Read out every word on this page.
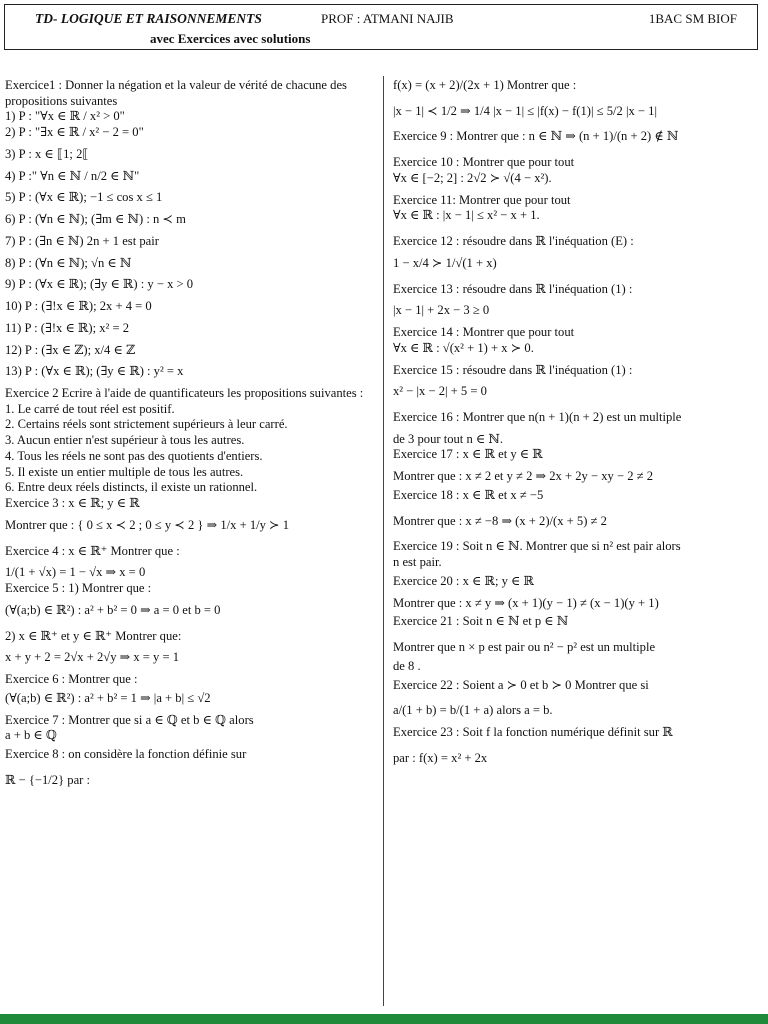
TD- LOGIQUE ET RAISONNEMENTS	PROF : ATMANI NAJIB	1BAC SM BIOF
avec Exercices avec solutions

Exercice1 : Donner la négation et la valeur de vérité de chacune des propositions suivantes

1) P : "∀x ∈ ℝ / x² > 0"

2) P : "∃x ∈ ℝ / x² − 2 = 0"

3) P : x ∈ ⟦1; 2⟦

4) P :" ∀n ∈ ℕ / n/2 ∈ ℕ"

5) P : (∀x ∈ ℝ); −1 ≤ cos x ≤ 1

6) P : (∀n ∈ ℕ); (∃m ∈ ℕ) : n ≺ m

7) P : (∃n ∈ ℕ) 2n + 1 est pair

8) P : (∀n ∈ ℕ); √n ∈ ℕ

9) P : (∀x ∈ ℝ); (∃y ∈ ℝ) : y − x > 0

10) P : (∃!x ∈ ℝ); 2x + 4 = 0

11) P : (∃!x ∈ ℝ); x² = 2

12) P : (∃x ∈ ℤ); x/4 ∈ ℤ

13) P : (∀x ∈ ℝ); (∃y ∈ ℝ) : y² = x

Exercice 2 Ecrire à l'aide de quantificateurs les propositions suivantes :

1. Le carré de tout réel est positif.

2. Certains réels sont strictement supérieurs à leur carré.

3. Aucun entier n'est supérieur à tous les autres.

4. Tous les réels ne sont pas des quotients d'entiers.

5. Il existe un entier multiple de tous les autres.

6. Entre deux réels distincts, il existe un rationnel.

Exercice 3 : x ∈ ℝ; y ∈ ℝ

Montrer que : { 0 ≤ x ≺ 2 ; 0 ≤ y ≺ 2 } ⇒ 1/x + 1/y ≻ 1

Exercice 4 : x ∈ ℝ⁺ Montrer que :

1/(1 + √x) = 1 − √x ⇒ x = 0

Exercice 5 : 1) Montrer que :

(∀(a;b) ∈ ℝ²) : a² + b² = 0 ⇒ a = 0 et b = 0

2) x ∈ ℝ⁺ et y ∈ ℝ⁺ Montrer que:

x + y + 2 = 2√x + 2√y ⇒ x = y = 1

Exercice 6 : Montrer que :

(∀(a;b) ∈ ℝ²) : a² + b² = 1 ⇒ |a + b| ≤ √2

Exercice 7 : Montrer que si a ∈ ℚ et b ∈ ℚ alors

a + b ∈ ℚ

Exercice 8 : on considère la fonction définie sur

ℝ − {−1/2} par :

f(x) = (x + 2)/(2x + 1) Montrer que :

|x − 1| ≺ 1/2 ⇒ 1/4 |x − 1| ≤ |f(x) − f(1)| ≤ 5/2 |x − 1|

Exercice 9 : Montrer que : n ∈ ℕ ⇒ (n + 1)/(n + 2) ∉ ℕ

Exercice 10 : Montrer que pour tout

∀x ∈ [−2; 2] : 2√2 ≻ √(4 − x²).

Exercice 11: Montrer que pour tout

∀x ∈ ℝ : |x − 1| ≤ x² − x + 1.

Exercice 12 : résoudre dans ℝ l'inéquation (E) :

1 − x/4 ≻ 1/√(1 + x)

Exercice 13 : résoudre dans ℝ l'inéquation (1) :

|x − 1| + 2x − 3 ≥ 0

Exercice 14 : Montrer que pour tout

∀x ∈ ℝ : √(x² + 1) + x ≻ 0.

Exercice 15 : résoudre dans ℝ l'inéquation (1) :

x² − |x − 2| + 5 = 0

Exercice 16 : Montrer que n(n + 1)(n + 2) est un multiple

de 3 pour tout n ∈ ℕ.

Exercice 17 : x ∈ ℝ et y ∈ ℝ

Montrer que : x ≠ 2 et y ≠ 2 ⇒ 2x + 2y − xy − 2 ≠ 2

Exercice 18 : x ∈ ℝ et x ≠ −5

Montrer que : x ≠ −8 ⇒ (x + 2)/(x + 5) ≠ 2

Exercice 19 : Soit n ∈ ℕ. Montrer que si n² est pair alors

n est pair.

Exercice 20 : x ∈ ℝ; y ∈ ℝ

Montrer que : x ≠ y ⇒ (x + 1)(y − 1) ≠ (x − 1)(y + 1)

Exercice 21 : Soit n ∈ ℕ et p ∈ ℕ

Montrer que n × p est pair ou n² − p² est un multiple

de 8 .

Exercice 22 : Soient a ≻ 0 et b ≻ 0 Montrer que si

a/(1 + b) = b/(1 + a) alors a = b.

Exercice 23 : Soit f la fonction numérique définit sur ℝ

par : f(x) = x² + 2x
